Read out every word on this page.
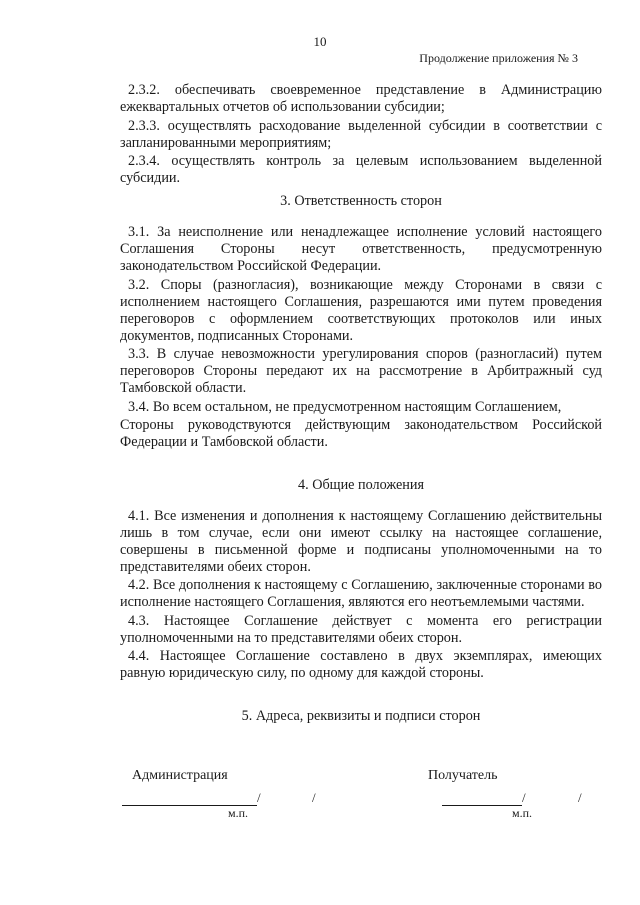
10
Продолжение приложения № 3

2.3.2. обеспечивать своевременное представление в Администрацию ежеквартальных отчетов об использовании субсидии;

2.3.3. осуществлять расходование выделенной субсидии в соответствии с запланированными мероприятиям;

2.3.4. осуществлять контроль за целевым использованием выделенной субсидии.

3. Ответственность сторон

3.1. За неисполнение или ненадлежащее исполнение условий настоящего Соглашения Стороны несут ответственность, предусмотренную законодательством Российской Федерации.

3.2. Споры (разногласия), возникающие между Сторонами в связи с исполнением настоящего Соглашения, разрешаются ими путем проведения переговоров с оформлением соответствующих протоколов или иных документов, подписанных Сторонами.

3.3. В случае невозможности урегулирования споров (разногласий) путем переговоров Стороны передают их на рассмотрение в Арбитражный суд Тамбовской области.

3.4. Во всем остальном, не предусмотренном настоящим Соглашением,

Стороны руководствуются действующим законодательством Российской Федерации и Тамбовской области.

4. Общие положения

4.1. Все изменения и дополнения к настоящему Соглашению действительны лишь в том случае, если они имеют ссылку на настоящее соглашение, совершены в письменной форме и подписаны уполномоченными на то представителями обеих сторон.

4.2. Все дополнения к настоящему с Соглашению, заключенные сторонами во исполнение настоящего Соглашения, являются его неотъемлемыми частями.

4.3. Настоящее Соглашение действует с момента его регистрации уполномоченными на то представителями обеих сторон.

4.4. Настоящее Соглашение составлено в двух экземплярах, имеющих равную юридическую силу, по одному для каждой стороны.

5. Адреса, реквизиты и подписи сторон

Администрация	Получатель
/	/
м.п.
/	/
м.п.
